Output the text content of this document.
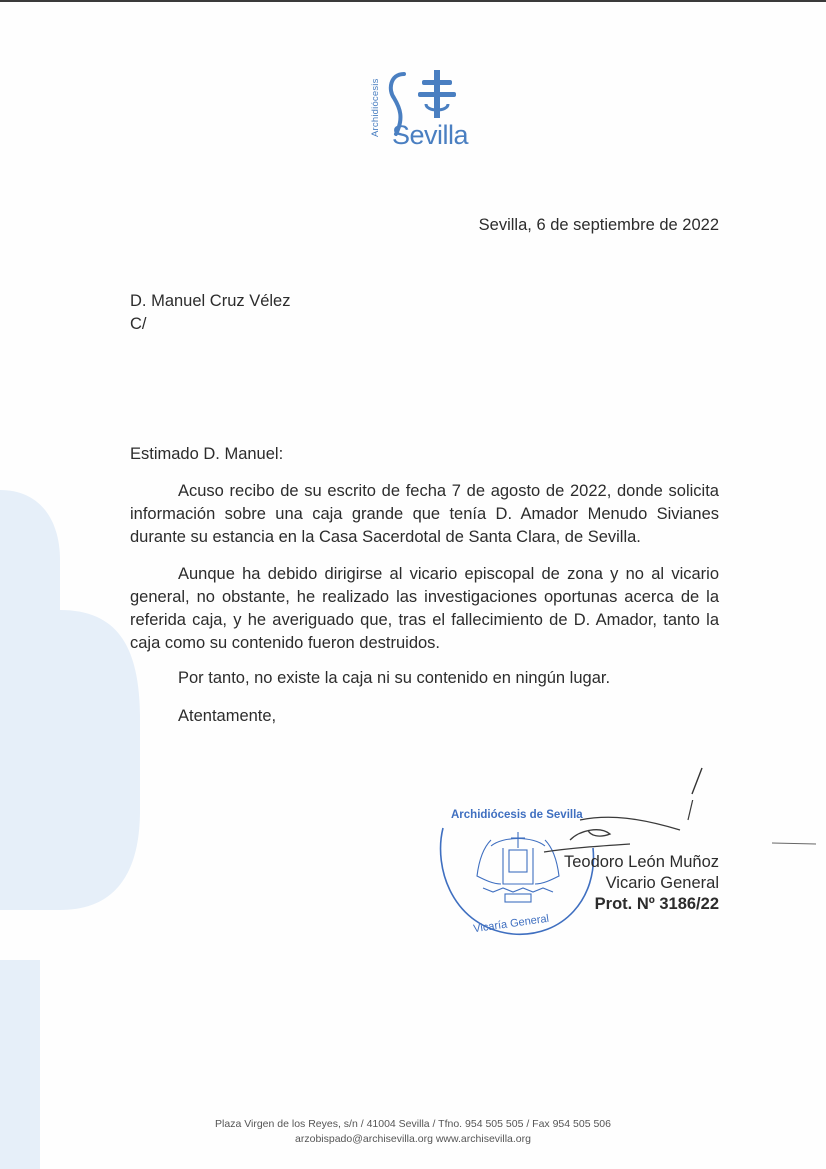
Archidiócesis Sevilla
Sevilla, 6 de septiembre de 2022
D. Manuel Cruz Vélez
C/
Estimado D. Manuel:
Acuso recibo de su escrito de fecha 7 de agosto de 2022, donde solicita información sobre una caja grande que tenía D. Amador Menudo Sivianes durante su estancia en la Casa Sacerdotal de Santa Clara, de Sevilla.
Aunque ha debido dirigirse al vicario episcopal de zona y no al vicario general, no obstante, he realizado las investigaciones oportunas acerca de la referida caja, y he averiguado que, tras el fallecimiento de D. Amador, tanto la caja como su contenido fueron destruidos.
Por tanto, no existe la caja ni su contenido en ningún lugar.
Atentamente,
Archidiócesis de Sevilla
Vicaría General
Teodoro León Muñoz
Vicario General
Prot. Nº 3186/22
Plaza Virgen de los Reyes, s/n / 41004 Sevilla / Tfno. 954 505 505 / Fax 954 505 506
arzobispado@archisevilla.org www.archisevilla.org
